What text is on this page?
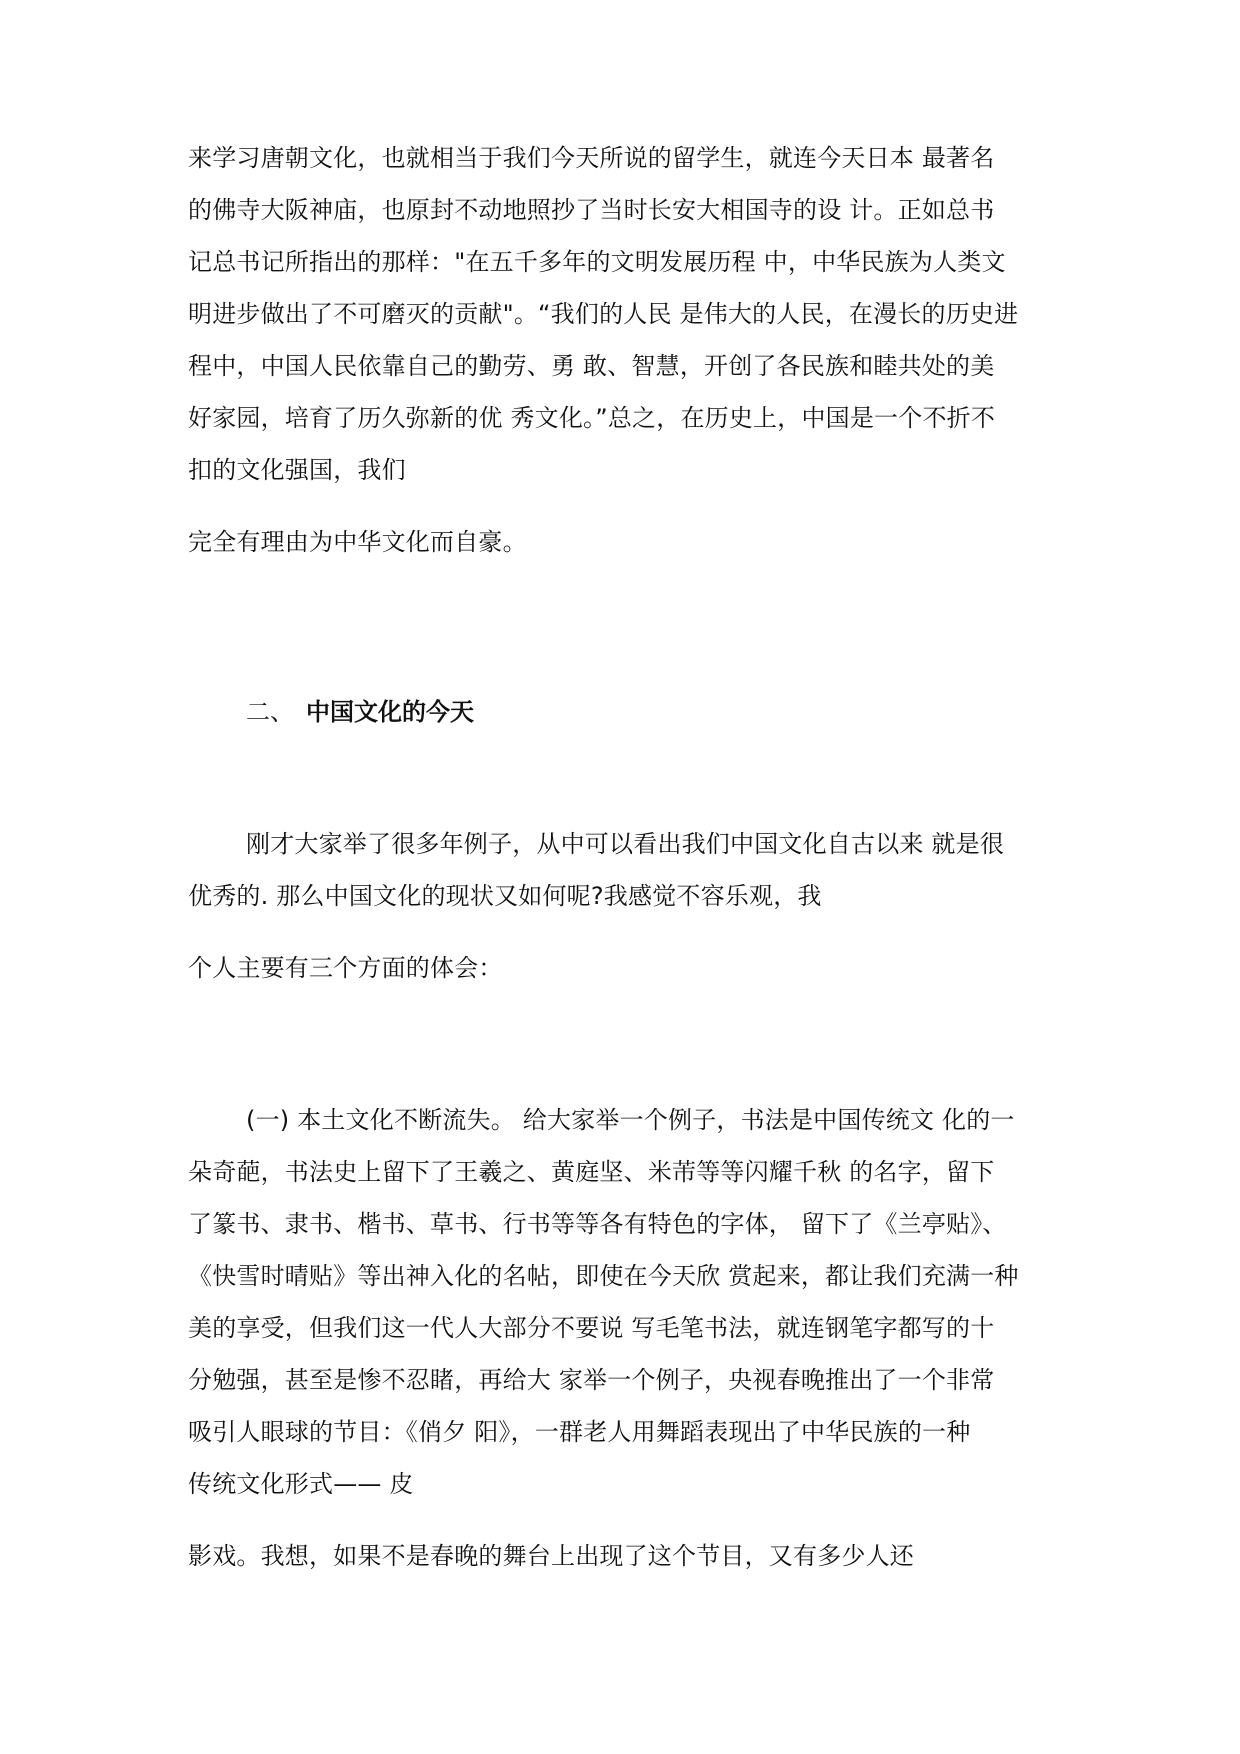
来学习唐朝文化，也就相当于我们今天所说的留学生，就连今天日本 最著名

的佛寺大阪神庙，也原封不动地照抄了当时长安大相国寺的设 计。正如总书

记总书记所指出的那样："在五千多年的文明发展历程 中，中华民族为人类文

明进步做出了不可磨灭的贡献"。“我们的人民 是伟大的人民，在漫长的历史进

程中，中国人民依靠自己的勤劳、勇 敢、智慧，开创了各民族和睦共处的美

好家园，培育了历久弥新的优 秀文化。”总之，在历史上，中国是一个不折不

扣的文化强国，我们

完全有理由为中华文化而自豪。

二、 中国文化的今天

刚才大家举了很多年例子，从中可以看出我们中国文化自古以来 就是很

优秀的. 那么中国文化的现状又如何呢?我感觉不容乐观，我

个人主要有三个方面的体会：

(一) 本土文化不断流失。 给大家举一个例子，书法是中国传统文 化的一

朵奇葩，书法史上留下了王羲之、黄庭坚、米芾等等闪耀千秋 的名字，留下

了篆书、隶书、楷书、草书、行书等等各有特色的字体， 留下了《兰亭贴》、

《快雪时晴贴》等出神入化的名帖，即使在今天欣 赏起来，都让我们充满一种

美的享受，但我们这一代人大部分不要说 写毛笔书法，就连钢笔字都写的十

分勉强，甚至是惨不忍睹，再给大 家举一个例子，央视春晚推出了一个非常

吸引人眼球的节目：《俏夕 阳》，一群老人用舞蹈表现出了中华民族的一种

传统文化形式—— 皮

影戏。我想，如果不是春晚的舞台上出现了这个节目，又有多少人还
